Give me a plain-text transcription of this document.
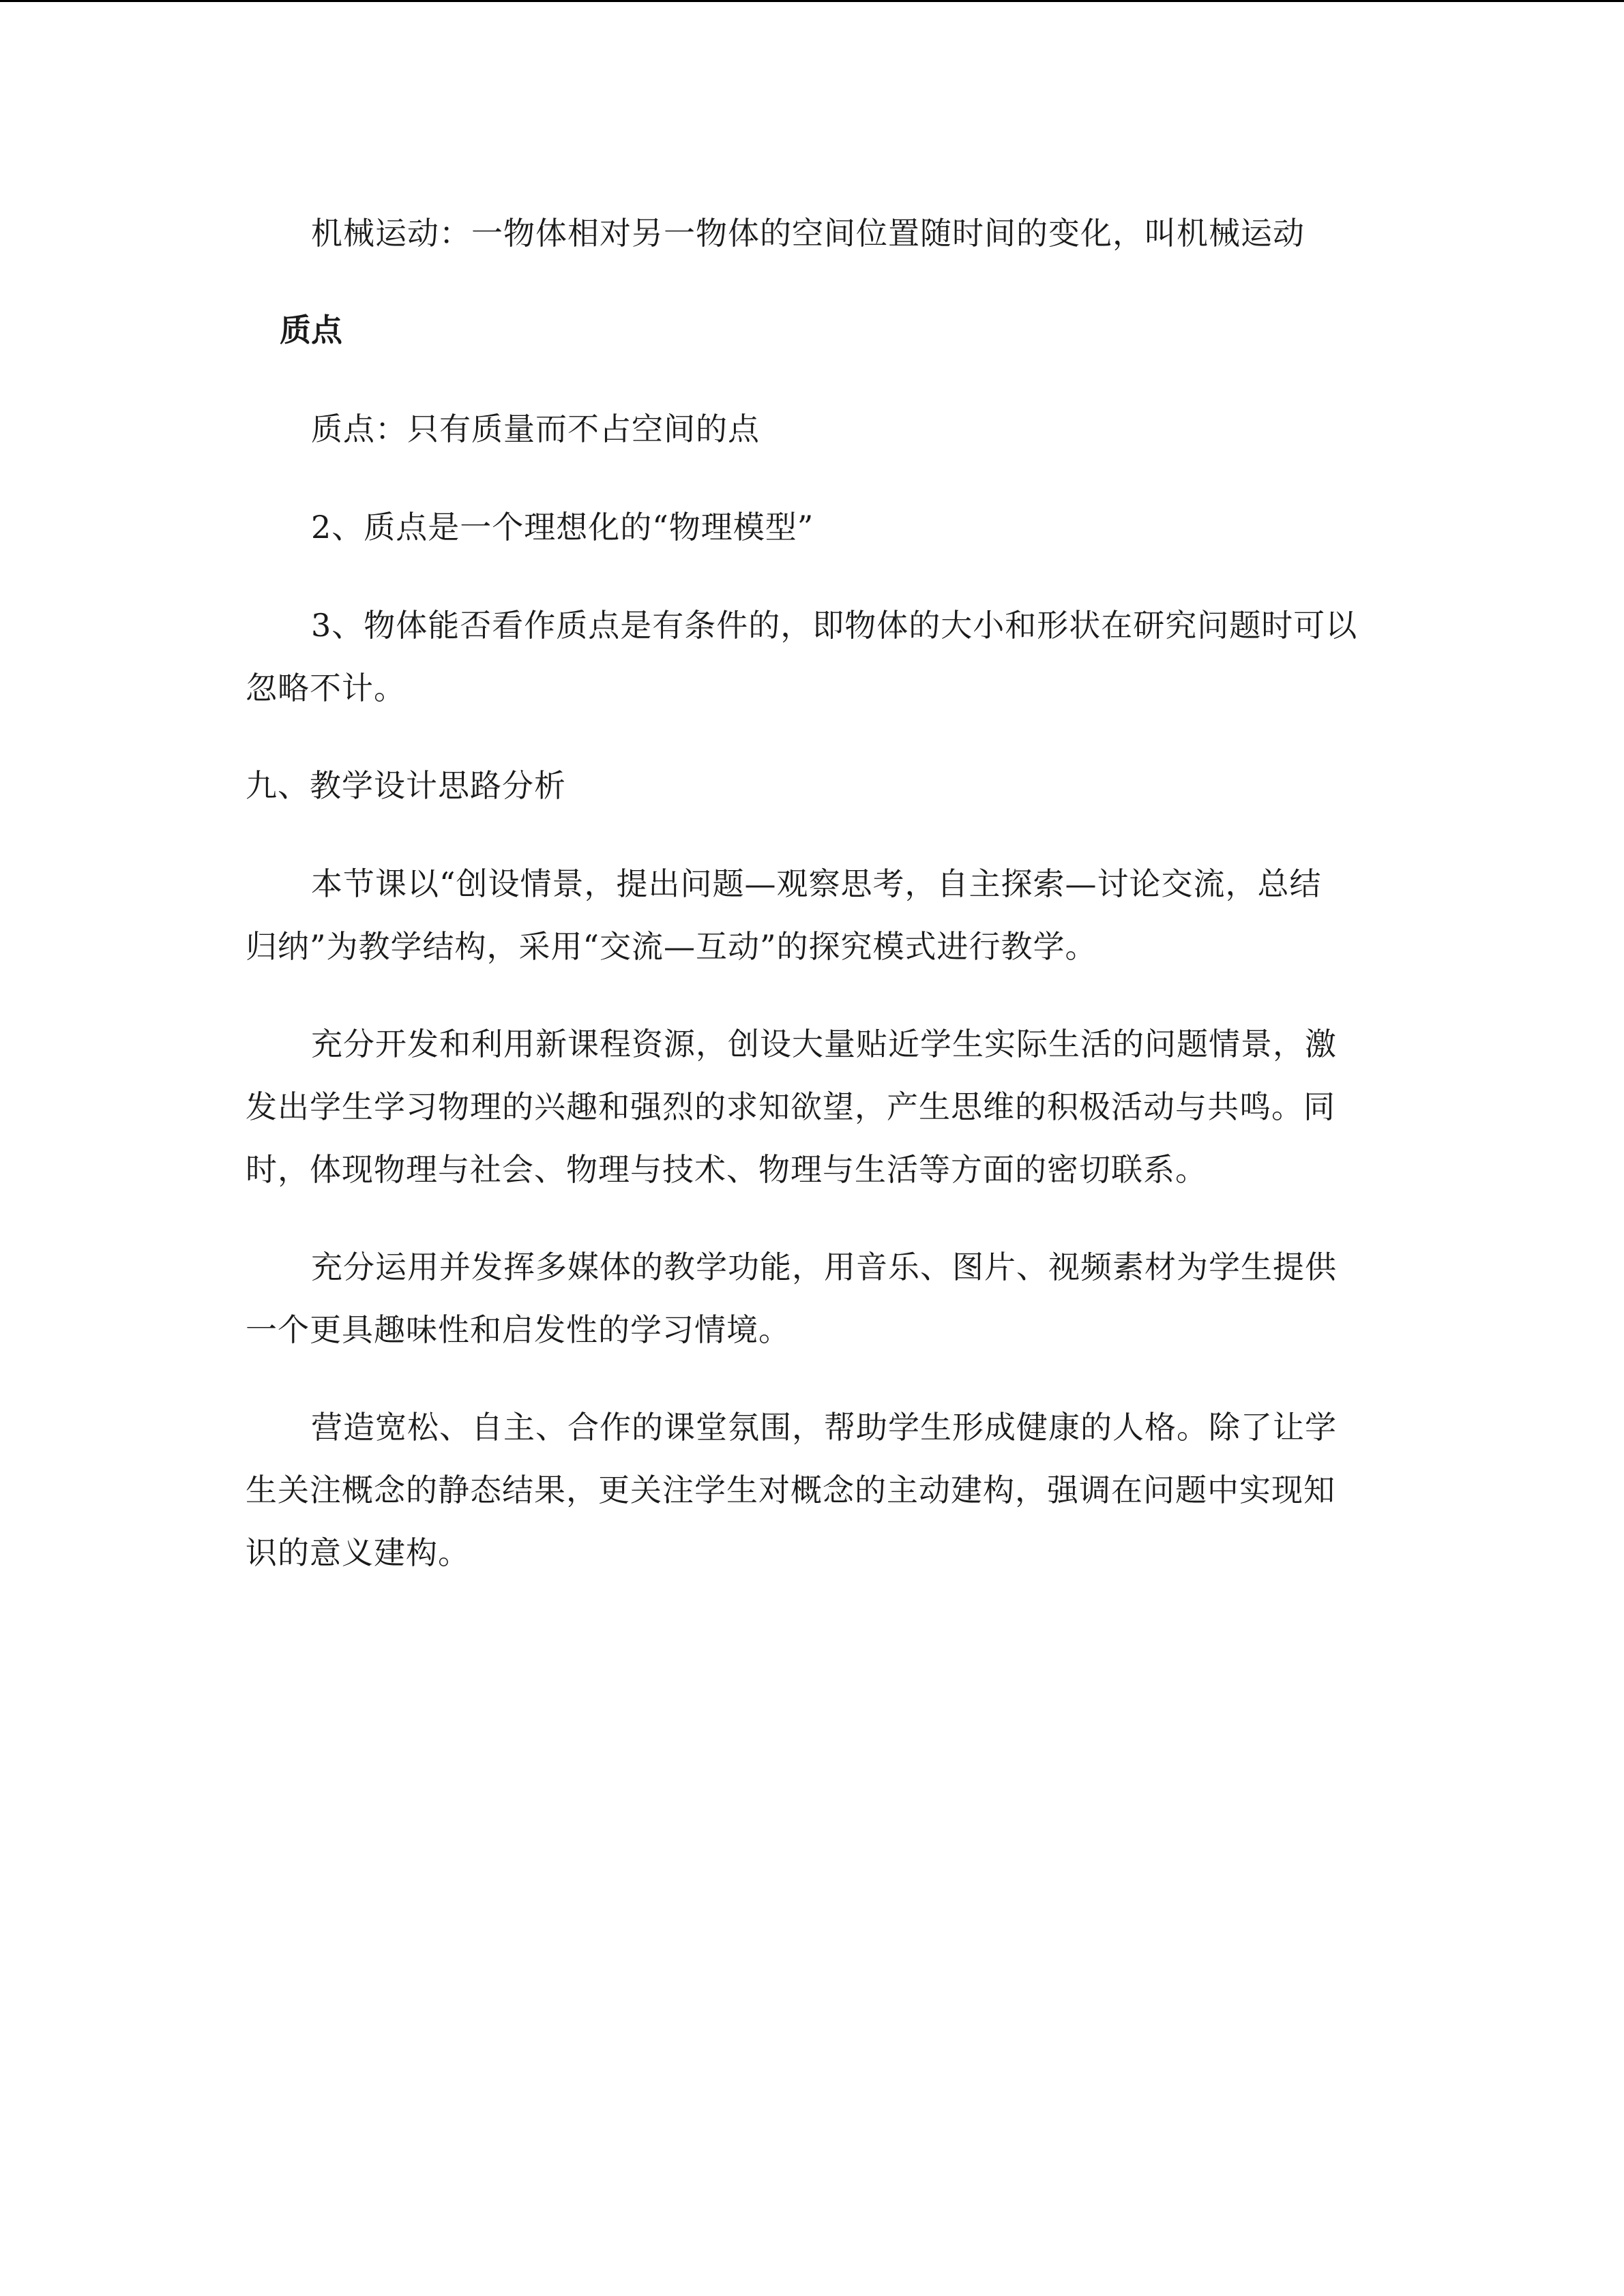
机械运动：一物体相对另一物体的空间位置随时间的变化，叫机械运动

质点

质点：只有质量而不占空间的点

2、质点是一个理想化的“物理模型”

3、物体能否看作质点是有条件的，即物体的大小和形状在研究问题时可以
忽略不计。

九、教学设计思路分析

本节课以“创设情景，提出问题—观察思考，自主探索—讨论交流，总结
归纳”为教学结构，采用“交流—互动”的探究模式进行教学。

充分开发和利用新课程资源，创设大量贴近学生实际生活的问题情景，激
发出学生学习物理的兴趣和强烈的求知欲望，产生思维的积极活动与共鸣。同
时，体现物理与社会、物理与技术、物理与生活等方面的密切联系。

充分运用并发挥多媒体的教学功能，用音乐、图片、视频素材为学生提供
一个更具趣味性和启发性的学习情境。

营造宽松、自主、合作的课堂氛围，帮助学生形成健康的人格。除了让学
生关注概念的静态结果，更关注学生对概念的主动建构，强调在问题中实现知
识的意义建构。
